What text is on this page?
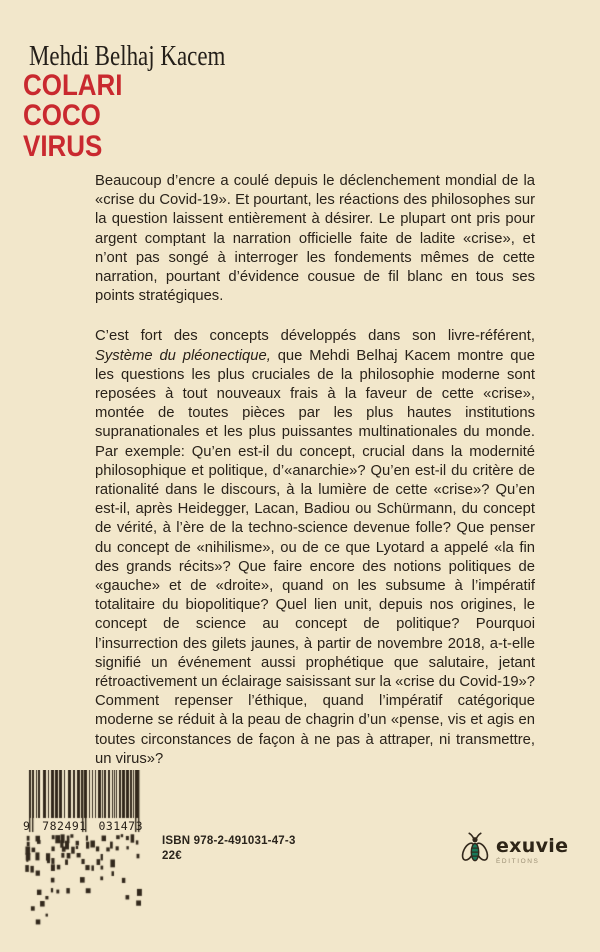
Mehdi Belhaj Kacem
COLARI
COCO
VIRUS

Beaucoup d’encre a coulé depuis le déclenchement mondial de la «crise du Covid-19». Et pourtant, les réactions des philosophes sur la question laissent entièrement à désirer. Le plupart ont pris pour argent comptant la narration officielle faite de ladite «crise», et n’ont pas songé à interroger les fondements mêmes de cette narration, pourtant d’évidence cousue de fil blanc en tous ses points stratégiques.

C’est fort des concepts développés dans son livre-référent, Système du pléonectique, que Mehdi Belhaj Kacem montre que les questions les plus cruciales de la philosophie moderne sont reposées à tout nouveaux frais à la faveur de cette «crise», montée de toutes pièces par les plus hautes institutions supranationales et les plus puissantes multinationales du monde. Par exemple: Qu’en est-il du concept, crucial dans la modernité philosophique et politique, d’«anarchie»? Qu’en est-il du critère de rationalité dans le discours, à la lumière de cette «crise»? Qu’en est-il, après Heidegger, Lacan, Badiou ou Schürmann, du concept de vérité, à l’ère de la techno-science devenue folle? Que penser du concept de «nihilisme», ou de ce que Lyotard a appelé «la fin des grands récits»? Que faire encore des notions politiques de «gauche» et de «droite», quand on les subsume à l’impératif totalitaire du biopolitique? Quel lien unit, depuis nos origines, le concept de science au concept de politique? Pourquoi l’insurrection des gilets jaunes, à partir de novembre 2018, a-t-elle signifié un événement aussi prophétique que salutaire, jetant rétroactivement un éclairage saisissant sur la «crise du Covid-19»? Comment repenser l’éthique, quand l’impératif catégorique moderne se réduit à la peau de chagrin d’un «pense, vis et agis en toutes circonstances de façon à ne pas à attraper, ni transmettre, un virus»?

9 782491 031473
ISBN 978-2-491031-47-3
22€	exuvie
ÉDITIONS
